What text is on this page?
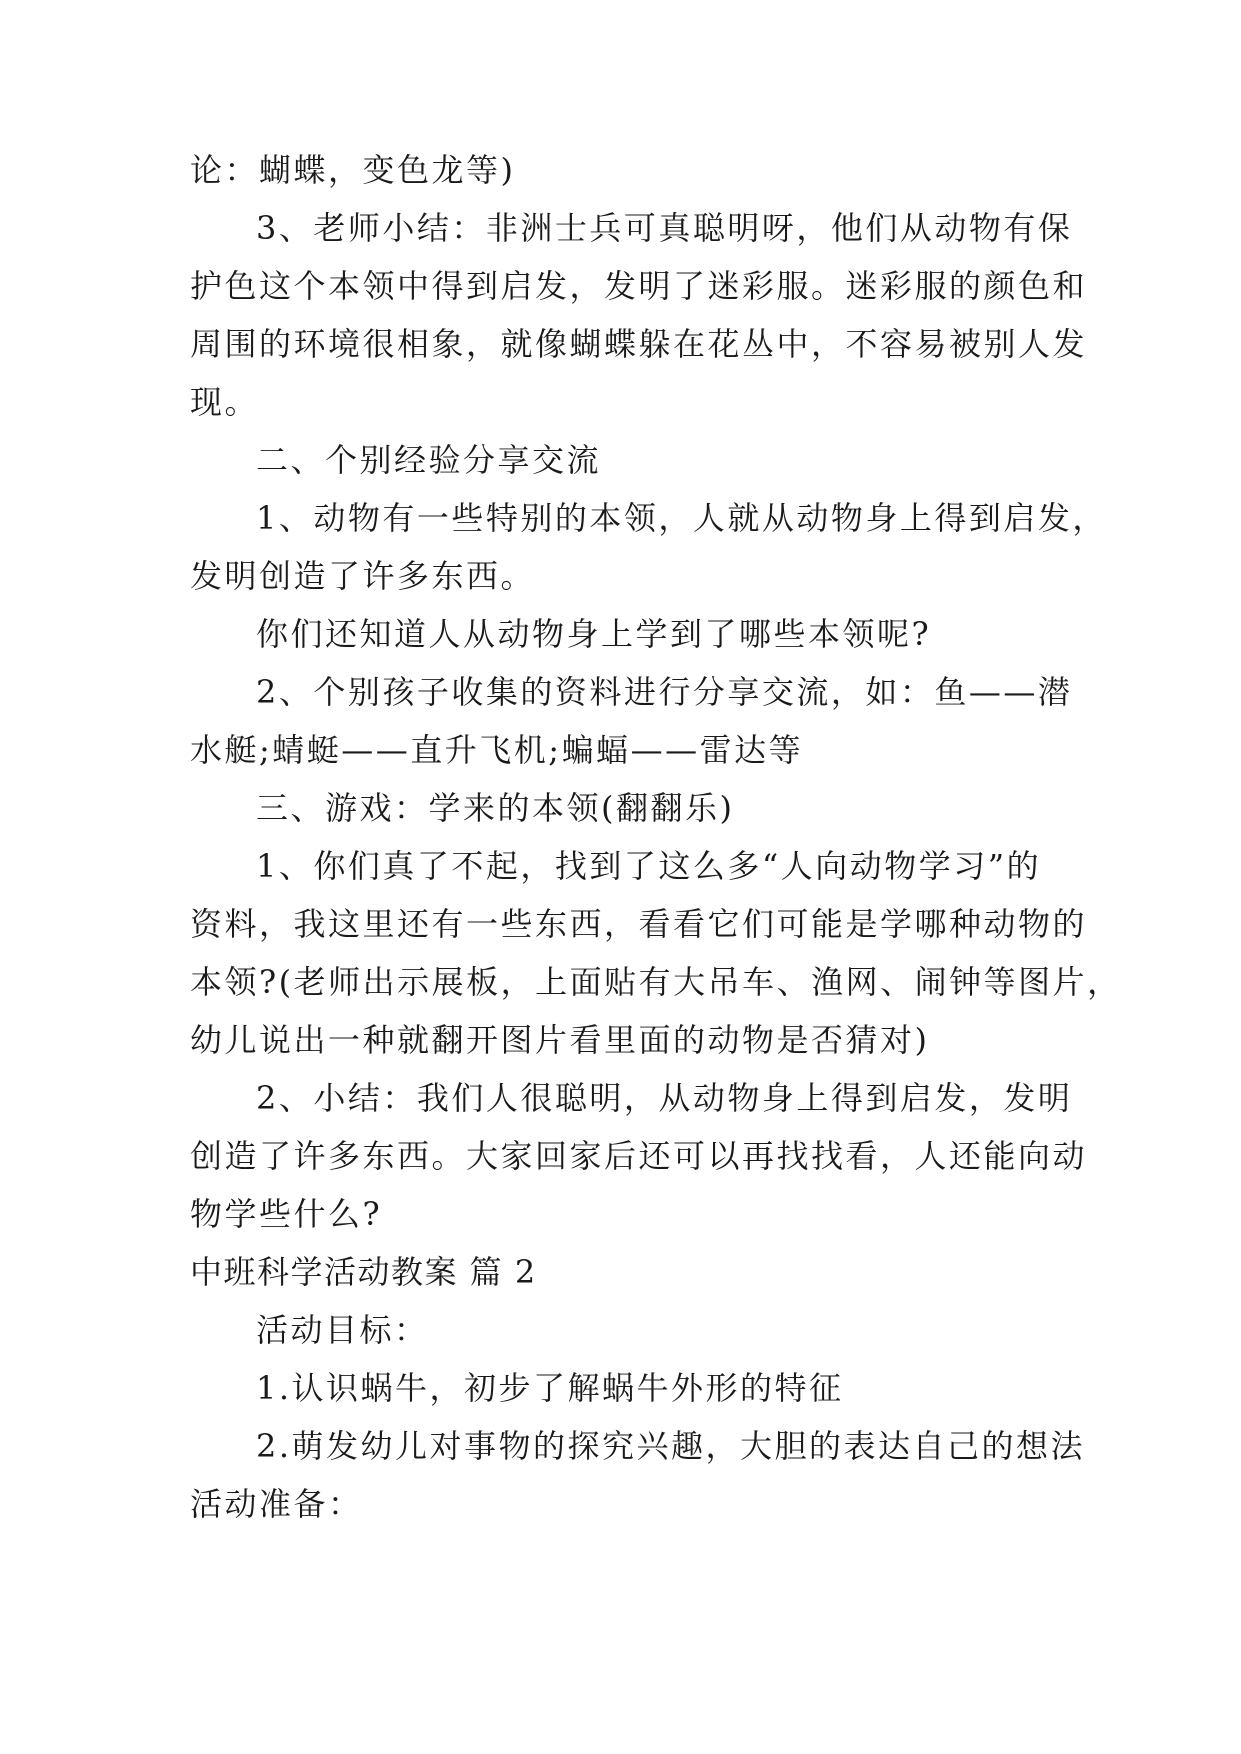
论：蝴蝶，变色龙等)
3、老师小结：非洲士兵可真聪明呀，他们从动物有保
护色这个本领中得到启发，发明了迷彩服。迷彩服的颜色和
周围的环境很相象，就像蝴蝶躲在花丛中，不容易被别人发
现。
二、个别经验分享交流
1、动物有一些特别的本领，人就从动物身上得到启发，
发明创造了许多东西。
你们还知道人从动物身上学到了哪些本领呢?
2、个别孩子收集的资料进行分享交流，如：鱼——潜
水艇;蜻蜓——直升飞机;蝙蝠——雷达等
三、游戏：学来的本领(翻翻乐)
1、你们真了不起，找到了这么多“人向动物学习”的
资料，我这里还有一些东西，看看它们可能是学哪种动物的
本领?(老师出示展板，上面贴有大吊车、渔网、闹钟等图片，
幼儿说出一种就翻开图片看里面的动物是否猜对)
2、小结：我们人很聪明，从动物身上得到启发，发明
创造了许多东西。大家回家后还可以再找找看，人还能向动
物学些什么?
中班科学活动教案 篇 2
活动目标：
1.认识蜗牛，初步了解蜗牛外形的特征
2.萌发幼儿对事物的探究兴趣，大胆的表达自己的想法
活动准备：
